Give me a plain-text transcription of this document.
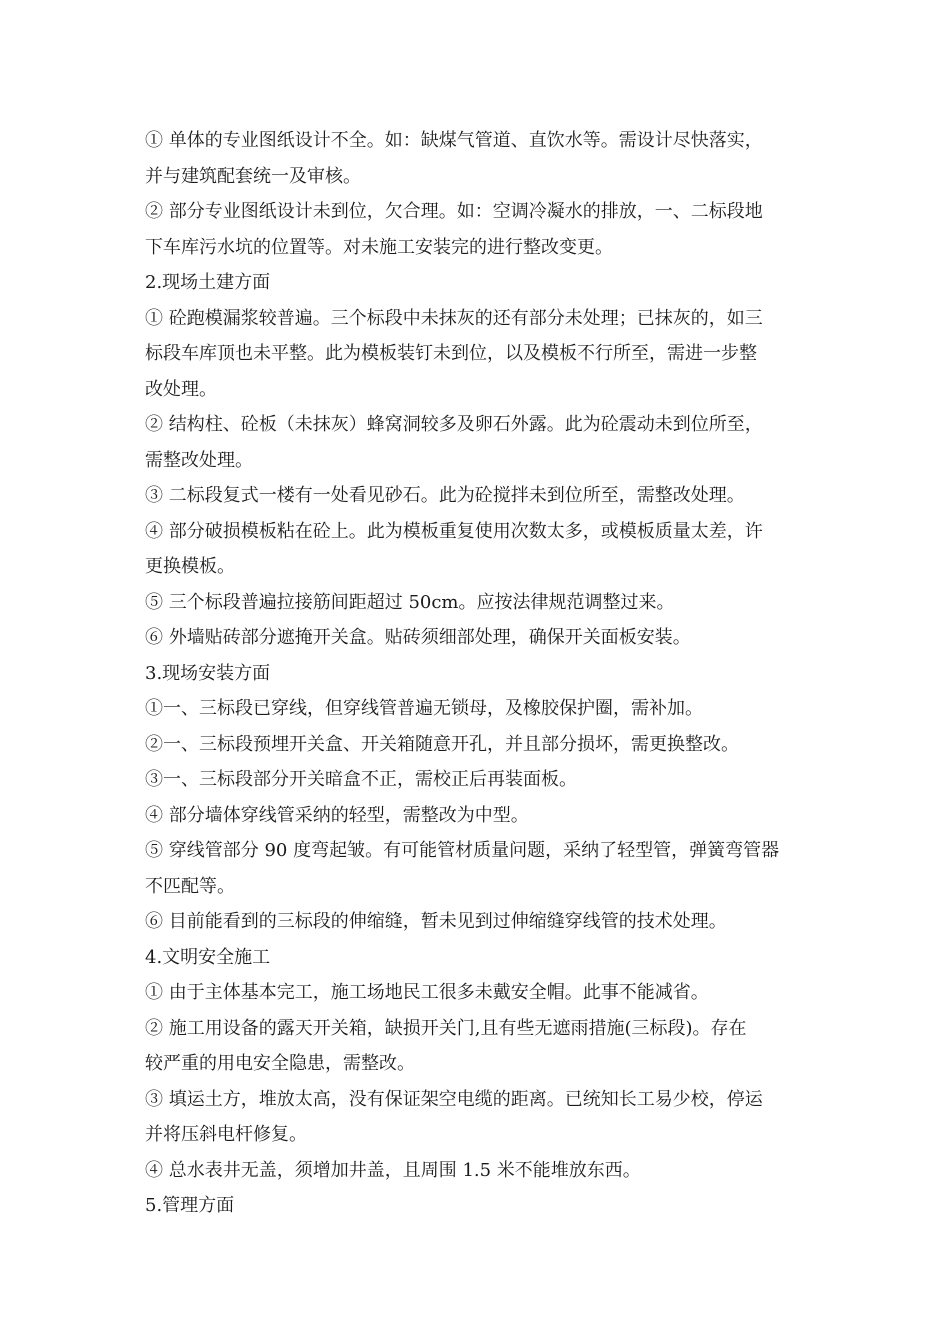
① 单体的专业图纸设计不全。如：缺煤气管道、直饮水等。需设计尽快落实，
并与建筑配套统一及审核。
② 部分专业图纸设计未到位，欠合理。如：空调冷凝水的排放，一、二标段地
下车库污水坑的位置等。对未施工安装完的进行整改变更。
2.现场土建方面
① 砼跑模漏浆较普遍。三个标段中未抹灰的还有部分未处理；已抹灰的，如三
标段车库顶也未平整。此为模板装钉未到位，以及模板不行所至，需进一步整
改处理。
② 结构柱、砼板（未抹灰）蜂窝洞较多及卵石外露。此为砼震动未到位所至，
需整改处理。
③ 二标段复式一楼有一处看见砂石。此为砼搅拌未到位所至，需整改处理。
④ 部分破损模板粘在砼上。此为模板重复使用次数太多，或模板质量太差，许
更换模板。
⑤ 三个标段普遍拉接筋间距超过 50cm。应按法律规范调整过来。
⑥ 外墙贴砖部分遮掩开关盒。贴砖须细部处理，确保开关面板安装。
3.现场安装方面
①一、三标段已穿线，但穿线管普遍无锁母，及橡胶保护圈，需补加。
②一、三标段预埋开关盒、开关箱随意开孔，并且部分损坏，需更换整改。
③一、三标段部分开关暗盒不正，需校正后再装面板。
④ 部分墙体穿线管采纳的轻型，需整改为中型。
⑤ 穿线管部分 90 度弯起皱。有可能管材质量问题，采纳了轻型管，弹簧弯管器
不匹配等。
⑥ 目前能看到的三标段的伸缩缝，暂未见到过伸缩缝穿线管的技术处理。
4.文明安全施工
① 由于主体基本完工，施工场地民工很多未戴安全帽。此事不能减省。
② 施工用设备的露天开关箱，缺损开关门,且有些无遮雨措施(三标段)。存在
较严重的用电安全隐患，需整改。
③ 填运土方，堆放太高，没有保证架空电缆的距离。已统知长工易少校，停运
并将压斜电杆修复。
④ 总水表井无盖，须增加井盖，且周围 1.5 米不能堆放东西。
5.管理方面
